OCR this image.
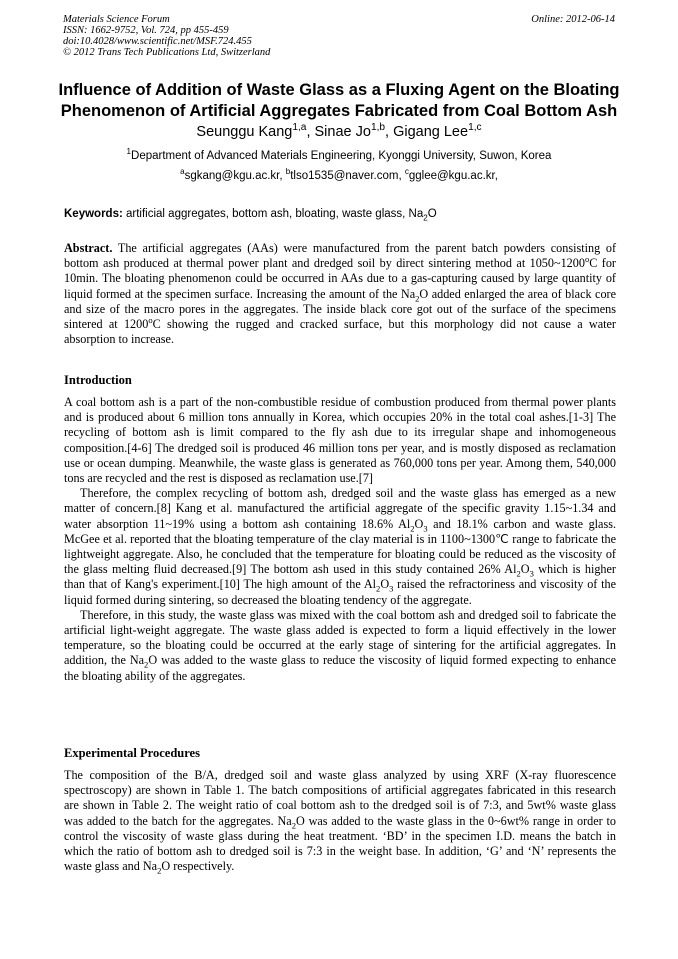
Materials Science Forum
ISSN: 1662-9752, Vol. 724, pp 455-459
doi:10.4028/www.scientific.net/MSF.724.455
© 2012 Trans Tech Publications Ltd, Switzerland
Online: 2012-06-14
Influence of Addition of Waste Glass as a Fluxing Agent on the Bloating
Phenomenon of Artificial Aggregates Fabricated from Coal Bottom Ash
Seunggu Kang$^{1,a}$, Sinae Jo$^{1,b}$, Gigang Lee$^{1,c}$
$^1$Department of Advanced Materials Engineering, Kyonggi University, Suwon, Korea
$^a$sgkang@kgu.ac.kr, $^b$tlso1535@naver.com, $^c$gglee@kgu.ac.kr,
Keywords: artificial aggregates, bottom ash, bloating, waste glass, $Na_2O$

Abstract. The artificial aggregates (AAs) were manufactured from the parent batch powders consisting of bottom ash produced at thermal power plant and dredged soil by direct sintering method at 1050~1200$^o$C for 10min. The bloating phenomenon could be occurred in AAs due to a gas-capturing caused by large quantity of liquid formed at the specimen surface. Increasing the amount of the $Na_2O$ added enlarged the area of black core and size of the macro pores in the aggregates. The inside black core got out of the surface of the specimens sintered at 1200$^o$C showing the rugged and cracked surface, but this morphology did not cause a water absorption to increase.

Introduction

A coal bottom ash is a part of the non-combustible residue of combustion produced from thermal power plants and is produced about 6 million tons annually in Korea, which occupies 20% in the total coal ashes.[1-3] The recycling of bottom ash is limit compared to the fly ash due to its irregular shape and inhomogeneous composition.[4-6] The dredged soil is produced 46 million tons per year, and is mostly disposed as reclamation use or ocean dumping. Meanwhile, the waste glass is generated as 760,000 tons per year. Among them, 540,000 tons are recycled and the rest is disposed as reclamation use.[7]

Therefore, the complex recycling of bottom ash, dredged soil and the waste glass has emerged as a new matter of concern.[8] Kang et al. manufactured the artificial aggregate of the specific gravity 1.15~1.34 and water absorption 11~19% using a bottom ash containing 18.6% $Al_2O_3$ and 18.1% carbon and waste glass. McGee et al. reported that the bloating temperature of the clay material is in 1100~1300℃ range to fabricate the lightweight aggregate. Also, he concluded that the temperature for bloating could be reduced as the viscosity of the glass melting fluid decreased.[9] The bottom ash used in this study contained 26% $Al_2O_3$ which is higher than that of Kang's experiment.[10] The high amount of the $Al_2O_3$ raised the refractoriness and viscosity of the liquid formed during sintering, so decreased the bloating tendency of the aggregate.

Therefore, in this study, the waste glass was mixed with the coal bottom ash and dredged soil to fabricate the artificial light-weight aggregate. The waste glass added is expected to form a liquid effectively in the lower temperature, so the bloating could be occurred at the early stage of sintering for the artificial aggregates. In addition, the $Na_2O$ was added to the waste glass to reduce the viscosity of liquid formed expecting to enhance the bloating ability of the aggregates.

Experimental Procedures

The composition of the B/A, dredged soil and waste glass analyzed by using XRF (X-ray fluorescence spectroscopy) are shown in Table 1. The batch compositions of artificial aggregates fabricated in this research are shown in Table 2. The weight ratio of coal bottom ash to the dredged soil is of 7:3, and 5wt% waste glass was added to the batch for the aggregates. $Na_2O$ was added to the waste glass in the 0~6wt% range in order to control the viscosity of waste glass during the heat treatment. ‘BD’ in the specimen I.D. means the batch in which the ratio of bottom ash to dredged soil is 7:3 in the weight base. In addition, ‘G’ and ‘N’ represents the waste glass and $Na_2O$ respectively.
